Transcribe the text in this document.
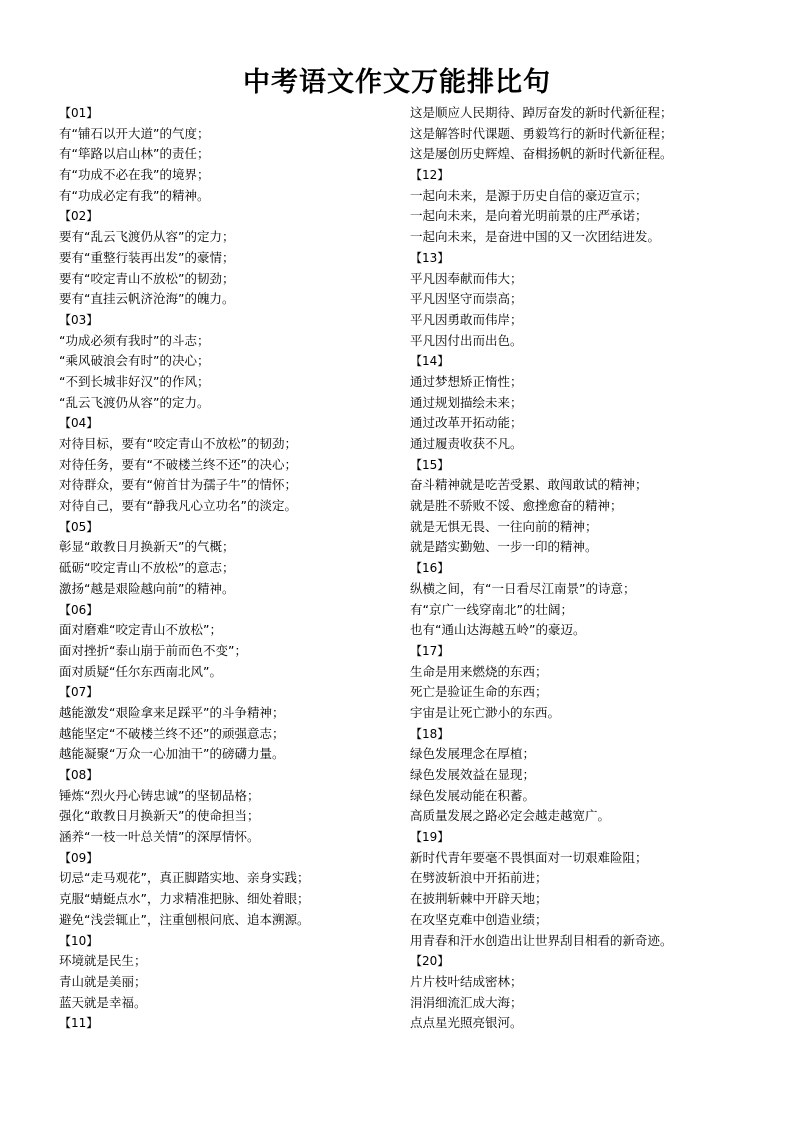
中考语文作文万能排比句
【01】
有“铺石以开大道”的气度；
有“筚路以启山林”的责任；
有“功成不必在我”的境界；
有“功成必定有我”的精神。
【02】
要有“乱云飞渡仍从容”的定力；
要有“重整行装再出发”的豪情；
要有“咬定青山不放松”的韧劲；
要有“直挂云帆济沧海”的魄力。
【03】
“功成必须有我时”的斗志；
“乘风破浪会有时”的决心；
“不到长城非好汉”的作风；
“乱云飞渡仍从容”的定力。
【04】
对待目标，要有“咬定青山不放松”的韧劲；
对待任务，要有“不破楼兰终不还”的决心；
对待群众，要有“俯首甘为孺子牛”的情怀；
对待自己，要有“静我凡心立功名”的淡定。
【05】
彰显“敢教日月换新天”的气概；
砥砺“咬定青山不放松”的意志；
激扬“越是艰险越向前”的精神。
【06】
面对磨难“咬定青山不放松”；
面对挫折“泰山崩于前而色不变”；
面对质疑“任尔东西南北风”。
【07】
越能激发“艰险拿来足踩平”的斗争精神；
越能坚定“不破楼兰终不还”的顽强意志；
越能凝聚“万众一心加油干”的磅礴力量。
【08】
锤炼“烈火丹心铸忠诚”的坚韧品格；
强化“敢教日月换新天”的使命担当；
涵养“一枝一叶总关情”的深厚情怀。
【09】
切忌“走马观花”，真正脚踏实地、亲身实践；
克服“蜻蜓点水”，力求精准把脉、细处着眼；
避免“浅尝辄止”，注重刨根问底、追本溯源。
【10】
环境就是民生；
青山就是美丽；
蓝天就是幸福。
【11】
这是顺应人民期待、踔厉奋发的新时代新征程；
这是解答时代课题、勇毅笃行的新时代新征程；
这是屡创历史辉煌、奋楫扬帆的新时代新征程。
【12】
一起向未来，是源于历史自信的豪迈宣示；
一起向未来，是向着光明前景的庄严承诺；
一起向未来，是奋进中国的又一次团结进发。
【13】
平凡因奉献而伟大；
平凡因坚守而崇高；
平凡因勇敢而伟岸；
平凡因付出而出色。
【14】
通过梦想矫正惰性；
通过规划描绘未来；
通过改革开拓动能；
通过履责收获不凡。
【15】
奋斗精神就是吃苦受累、敢闯敢试的精神；
就是胜不骄败不馁、愈挫愈奋的精神；
就是无惧无畏、一往向前的精神；
就是踏实勤勉、一步一印的精神。
【16】
纵横之间，有“一日看尽江南景”的诗意；
有“京广一线穿南北”的壮阔；
也有“通山达海越五岭”的豪迈。
【17】
生命是用来燃烧的东西；
死亡是验证生命的东西；
宇宙是让死亡渺小的东西。
【18】
绿色发展理念在厚植；
绿色发展效益在显现；
绿色发展动能在积蓄。
高质量发展之路必定会越走越宽广。
【19】
新时代青年要毫不畏惧面对一切艰难险阻；
在劈波斩浪中开拓前进；
在披荆斩棘中开辟天地；
在攻坚克难中创造业绩；
用青春和汗水创造出让世界刮目相看的新奇迹。
【20】
片片枝叶结成密林；
涓涓细流汇成大海；
点点星光照亮银河。
